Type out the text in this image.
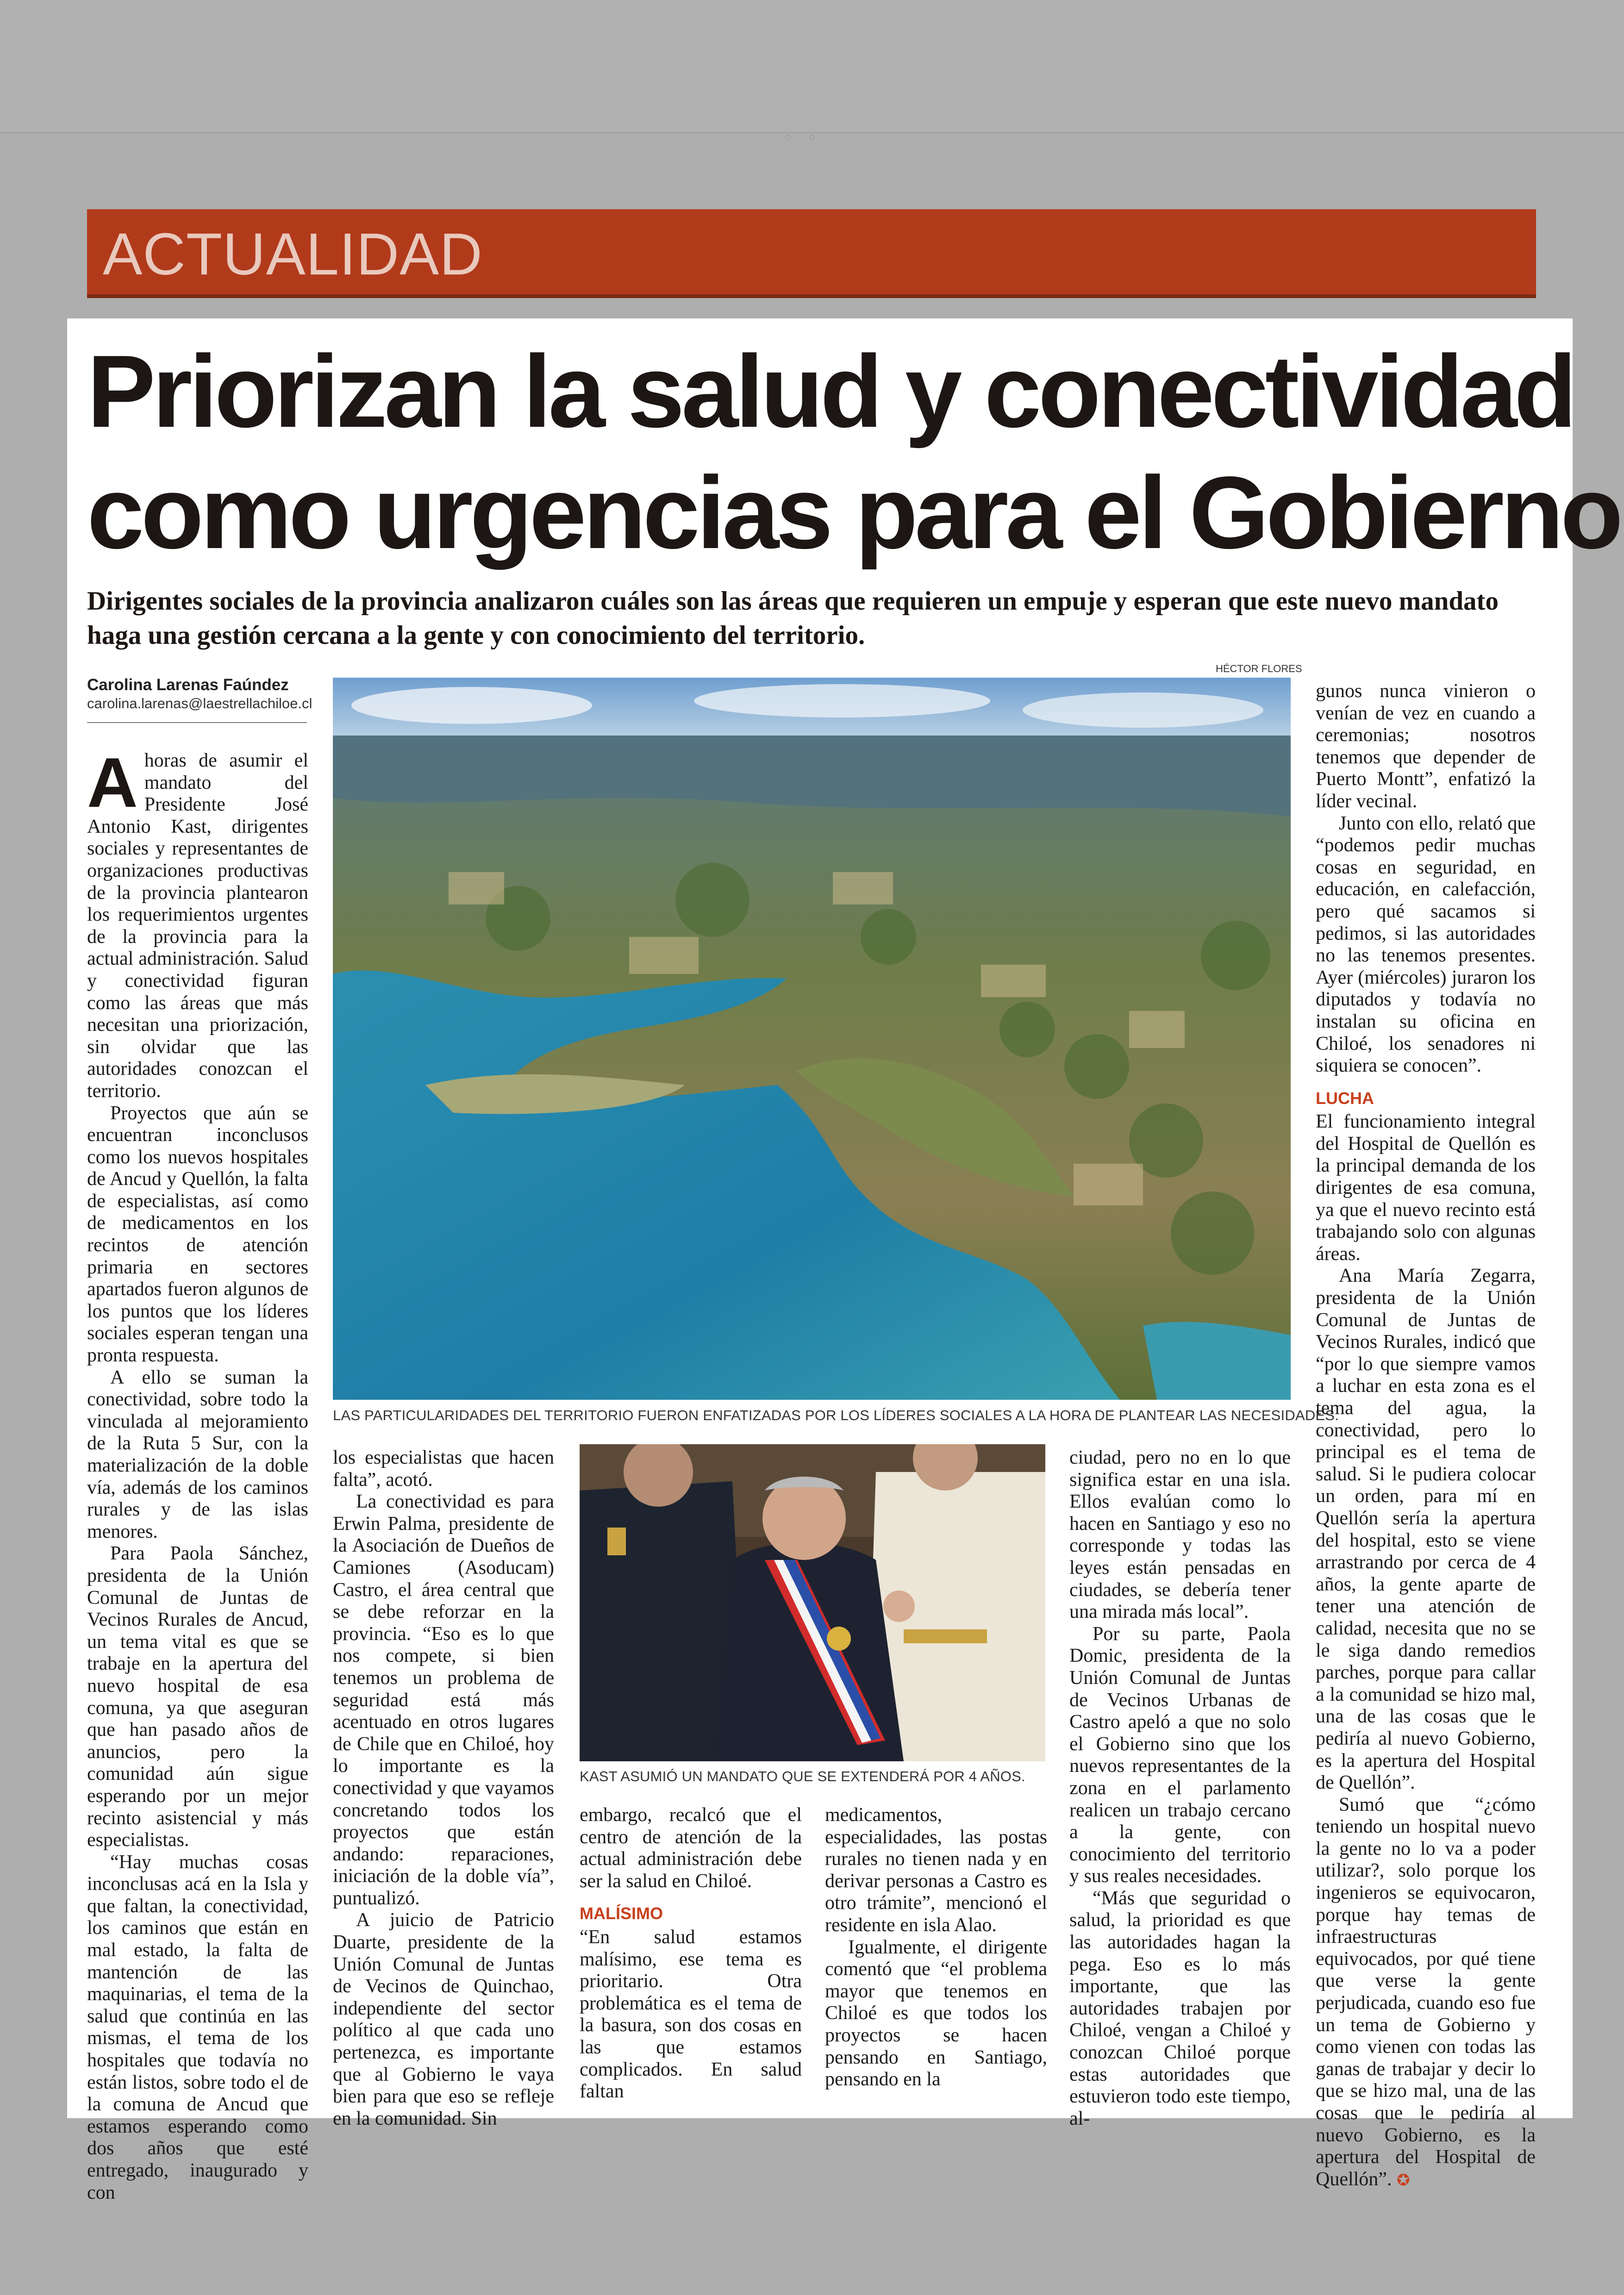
◦◦
ACTUALIDAD
Priorizan la salud y conectividad
como urgencias para el Gobierno
Dirigentes sociales de la provincia analizaron cuáles son las áreas que requieren un empuje y esperan que este nuevo mandato haga una gestión cercana a la gente y con conocimiento del territorio.
Carolina Larenas Faúndez
carolina.larenas@laestrellachiloe.cl
HÉCTOR FLORES
LAS PARTICULARIDADES DEL TERRITORIO FUERON ENFATIZADAS POR LOS LÍDERES SOCIALES A LA HORA DE PLANTEAR LAS NECESIDADES.
KAST ASUMIÓ UN MANDATO QUE SE EXTENDERÁ POR 4 AÑOS.

Ahoras de asumir el mandato del Presidente José Antonio Kast, dirigentes sociales y representantes de organizaciones productivas de la provincia plantearon los requerimientos urgentes de la provincia para la actual administración. Salud y conectividad figuran como las áreas que más necesitan una priorización, sin olvidar que las autoridades conozcan el territorio.

Proyectos que aún se encuentran inconclusos como los nuevos hospitales de Ancud y Quellón, la falta de especialistas, así como de medicamentos en los recintos de atención primaria en sectores apartados fueron algunos de los puntos que los líderes sociales esperan tengan una pronta respuesta.

A ello se suman la conectividad, sobre todo la vinculada al mejoramiento de la Ruta 5 Sur, con la materialización de la doble vía, además de los caminos rurales y de las islas menores.

Para Paola Sánchez, presidenta de la Unión Comunal de Juntas de Vecinos Rurales de Ancud, un tema vital es que se trabaje en la apertura del nuevo hospital de esa comuna, ya que aseguran que han pasado años de anuncios, pero la comunidad aún sigue esperando por un mejor recinto asistencial y más especialistas.

“Hay muchas cosas inconclusas acá en la Isla y que faltan, la conectividad, los caminos que están en mal estado, la falta de mantención de las maquinarias, el tema de la salud que continúa en las mismas, el tema de los hospitales que todavía no están listos, sobre todo el de la comuna de Ancud que estamos esperando como dos años que esté entregado, inaugurado y con

los especialistas que hacen falta”, acotó.

La conectividad es para Erwin Palma, presidente de la Asociación de Dueños de Camiones (Asoducam) Castro, el área central que se debe reforzar en la provincia. “Eso es lo que nos compete, si bien tenemos un problema de seguridad está más acentuado en otros lugares de Chile que en Chiloé, hoy lo importante es la conectividad y que vayamos concretando todos los proyectos que están andando: reparaciones, iniciación de la doble vía”, puntualizó.

A juicio de Patricio Duarte, presidente de la Unión Comunal de Juntas de Vecinos de Quinchao, independiente del sector político al que cada uno pertenezca, es importante que al Gobierno le vaya bien para que eso se refleje en la comunidad. Sin

embargo, recalcó que el centro de atención de la actual administración debe ser la salud en Chiloé.

MALÍSIMO

“En salud estamos malísimo, ese tema es prioritario. Otra problemática es el tema de la basura, son dos cosas en las que estamos complicados. En salud faltan

medicamentos, especialidades, las postas rurales no tienen nada y en derivar personas a Castro es otro trámite”, mencionó el residente en isla Alao.

Igualmente, el dirigente comentó que “el problema mayor que tenemos en Chiloé es que todos los proyectos se hacen pensando en Santiago, pensando en la

ciudad, pero no en lo que significa estar en una isla. Ellos evalúan como lo hacen en Santiago y eso no corresponde y todas las leyes están pensadas en ciudades, se debería tener una mirada más local”.

Por su parte, Paola Domic, presidenta de la Unión Comunal de Juntas de Vecinos Urbanas de Castro apeló a que no solo el Gobierno sino que los nuevos representantes de la zona en el parlamento realicen un trabajo cercano a la gente, con conocimiento del territorio y sus reales necesidades.

“Más que seguridad o salud, la prioridad es que las autoridades hagan la pega. Eso es lo más importante, que las autoridades trabajen por Chiloé, vengan a Chiloé y conozcan Chiloé porque estas autoridades que estuvieron todo este tiempo, al-

gunos nunca vinieron o venían de vez en cuando a ceremonias; nosotros tenemos que depender de Puerto Montt”, enfatizó la líder vecinal.

Junto con ello, relató que “podemos pedir muchas cosas en seguridad, en educación, en calefacción, pero qué sacamos si pedimos, si las autoridades no las tenemos presentes. Ayer (miércoles) juraron los diputados y todavía no instalan su oficina en Chiloé, los senadores ni siquiera se conocen”.

LUCHA

El funcionamiento integral del Hospital de Quellón es la principal demanda de los dirigentes de esa comuna, ya que el nuevo recinto está trabajando solo con algunas áreas.

Ana María Zegarra, presidenta de la Unión Comunal de Juntas de Vecinos Rurales, indicó que “por lo que siempre vamos a luchar en esta zona es el tema del agua, la conectividad, pero lo principal es el tema de salud. Si le pudiera colocar un orden, para mí en Quellón sería la apertura del hospital, esto se viene arrastrando por cerca de 4 años, la gente aparte de tener una atención de calidad, necesita que no se le siga dando remedios parches, porque para callar a la comunidad se hizo mal, una de las cosas que le pediría al nuevo Gobierno, es la apertura del Hospital de Quellón”.

Sumó que “¿cómo teniendo un hospital nuevo la gente no lo va a poder utilizar?, solo porque los ingenieros se equivocaron, porque hay temas de infraestructuras equivocados, por qué tiene que verse la gente perjudicada, cuando eso fue un tema de Gobierno y como vienen con todas las ganas de trabajar y decir lo que se hizo mal, una de las cosas que le pediría al nuevo Gobierno, es la apertura del Hospital de Quellón”. ✪
